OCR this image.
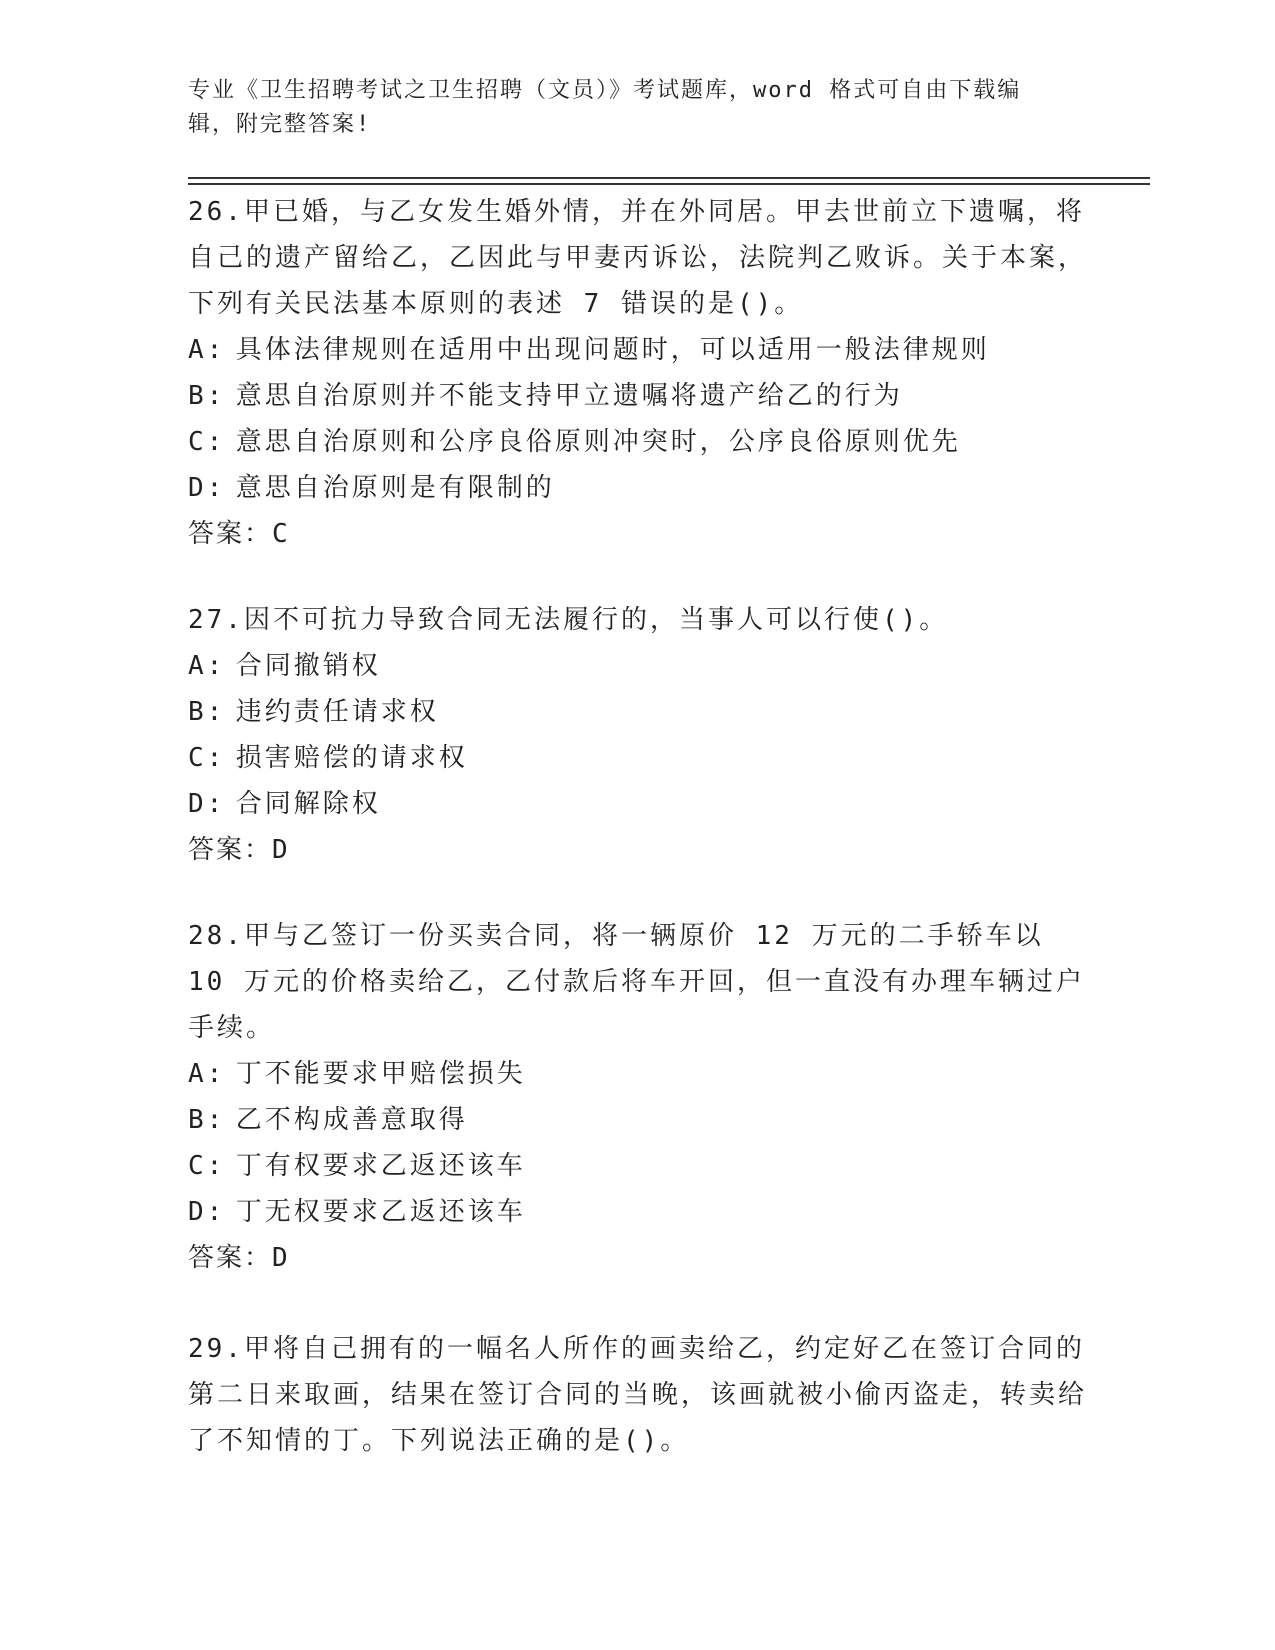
专业《卫生招聘考试之卫生招聘（文员）》考试题库，word 格式可自由下载编辑，附完整答案!
26.甲已婚，与乙女发生婚外情，并在外同居。甲去世前立下遗嘱，将自己的遗产留给乙，乙因此与甲妻丙诉讼，法院判乙败诉。关于本案，下列有关民法基本原则的表述 7 错误的是()。
A: 具体法律规则在适用中出现问题时，可以适用一般法律规则
B: 意思自治原则并不能支持甲立遗嘱将遗产给乙的行为
C: 意思自治原则和公序良俗原则冲突时，公序良俗原则优先
D: 意思自治原则是有限制的
答案：C
27.因不可抗力导致合同无法履行的，当事人可以行使()。
A: 合同撤销权
B: 违约责任请求权
C: 损害赔偿的请求权
D: 合同解除权
答案：D
28.甲与乙签订一份买卖合同，将一辆原价 12 万元的二手轿车以 10 万元的价格卖给乙，乙付款后将车开回，但一直没有办理车辆过户手续。
A: 丁不能要求甲赔偿损失
B: 乙不构成善意取得
C: 丁有权要求乙返还该车
D: 丁无权要求乙返还该车
答案：D
29.甲将自己拥有的一幅名人所作的画卖给乙，约定好乙在签订合同的第二日来取画，结果在签订合同的当晚，该画就被小偷丙盗走，转卖给了不知情的丁。下列说法正确的是()。
